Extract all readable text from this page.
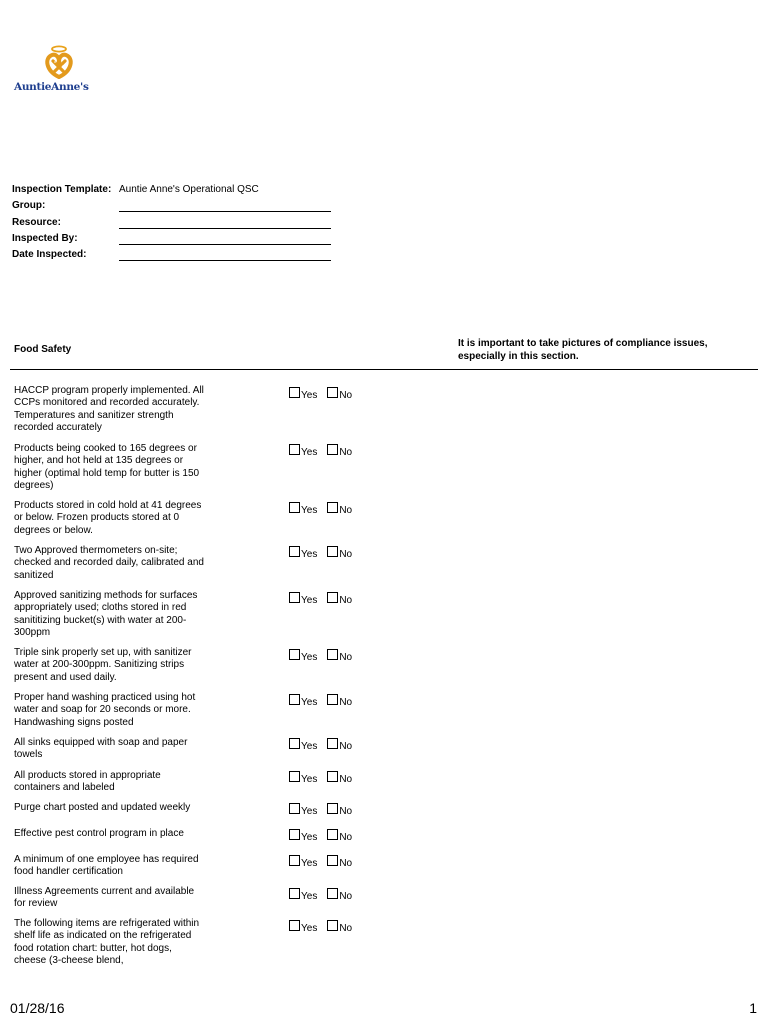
AuntieAnne's
Inspection Template: Auntie Anne's Operational QSC
Group:
Resource:
Inspected By:
Date Inspected:
Food Safety
It is important to take pictures of compliance issues, especially in this section.
HACCP program properly implemented. All CCPs monitored and recorded accurately. Temperatures and sanitizer strength recorded accurately
Yes No
Products being cooked to 165 degrees or higher, and hot held at 135 degrees or higher (optimal hold temp for butter is 150 degrees)
Yes No
Products stored in cold hold at 41 degrees or below. Frozen products stored at 0 degrees or below.
Yes No
Two Approved thermometers on-site; checked and recorded daily, calibrated and sanitized
Yes No
Approved sanitizing methods for surfaces appropriately used; cloths stored in red sanititizing bucket(s) with water at 200-300ppm
Yes No
Triple sink properly set up, with sanitizer water at 200-300ppm. Sanitizing strips present and used daily.
Yes No
Proper hand washing practiced using hot water and soap for 20 seconds or more. Handwashing signs posted
Yes No
All sinks equipped with soap and paper towels
Yes No
All products stored in appropriate containers and labeled
Yes No
Purge chart posted and updated weekly	Yes No
Effective pest control program in place	Yes No
A minimum of one employee has required food handler certification
Yes No
Illness Agreements current and available for review
Yes No
The following items are refrigerated within shelf life as indicated on the refrigerated food rotation chart: butter, hot dogs, cheese (3-cheese blend,
Yes No
01/28/16	1
